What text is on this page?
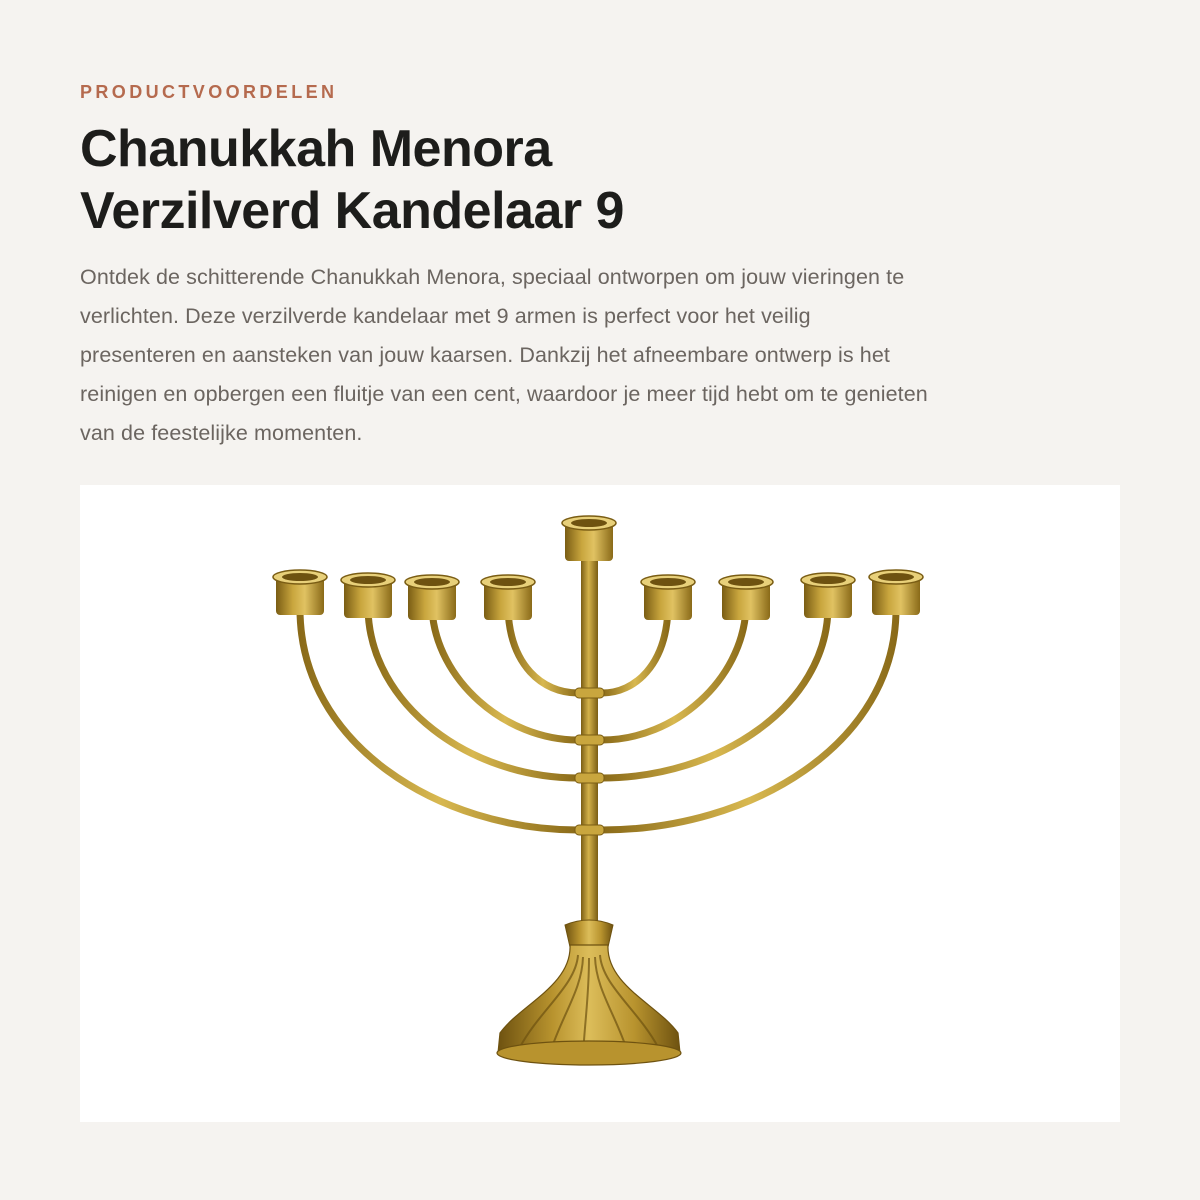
PRODUCTVOORDELEN

Chanukkah Menora
Verzilverd Kandelaar 9

Ontdek de schitterende Chanukkah Menora, speciaal ontworpen om jouw vieringen te
verlichten. Deze verzilverde kandelaar met 9 armen is perfect voor het veilig
presenteren en aansteken van jouw kaarsen. Dankzij het afneembare ontwerp is het
reinigen en opbergen een fluitje van een cent, waardoor je meer tijd hebt om te genieten
van de feestelijke momenten.
